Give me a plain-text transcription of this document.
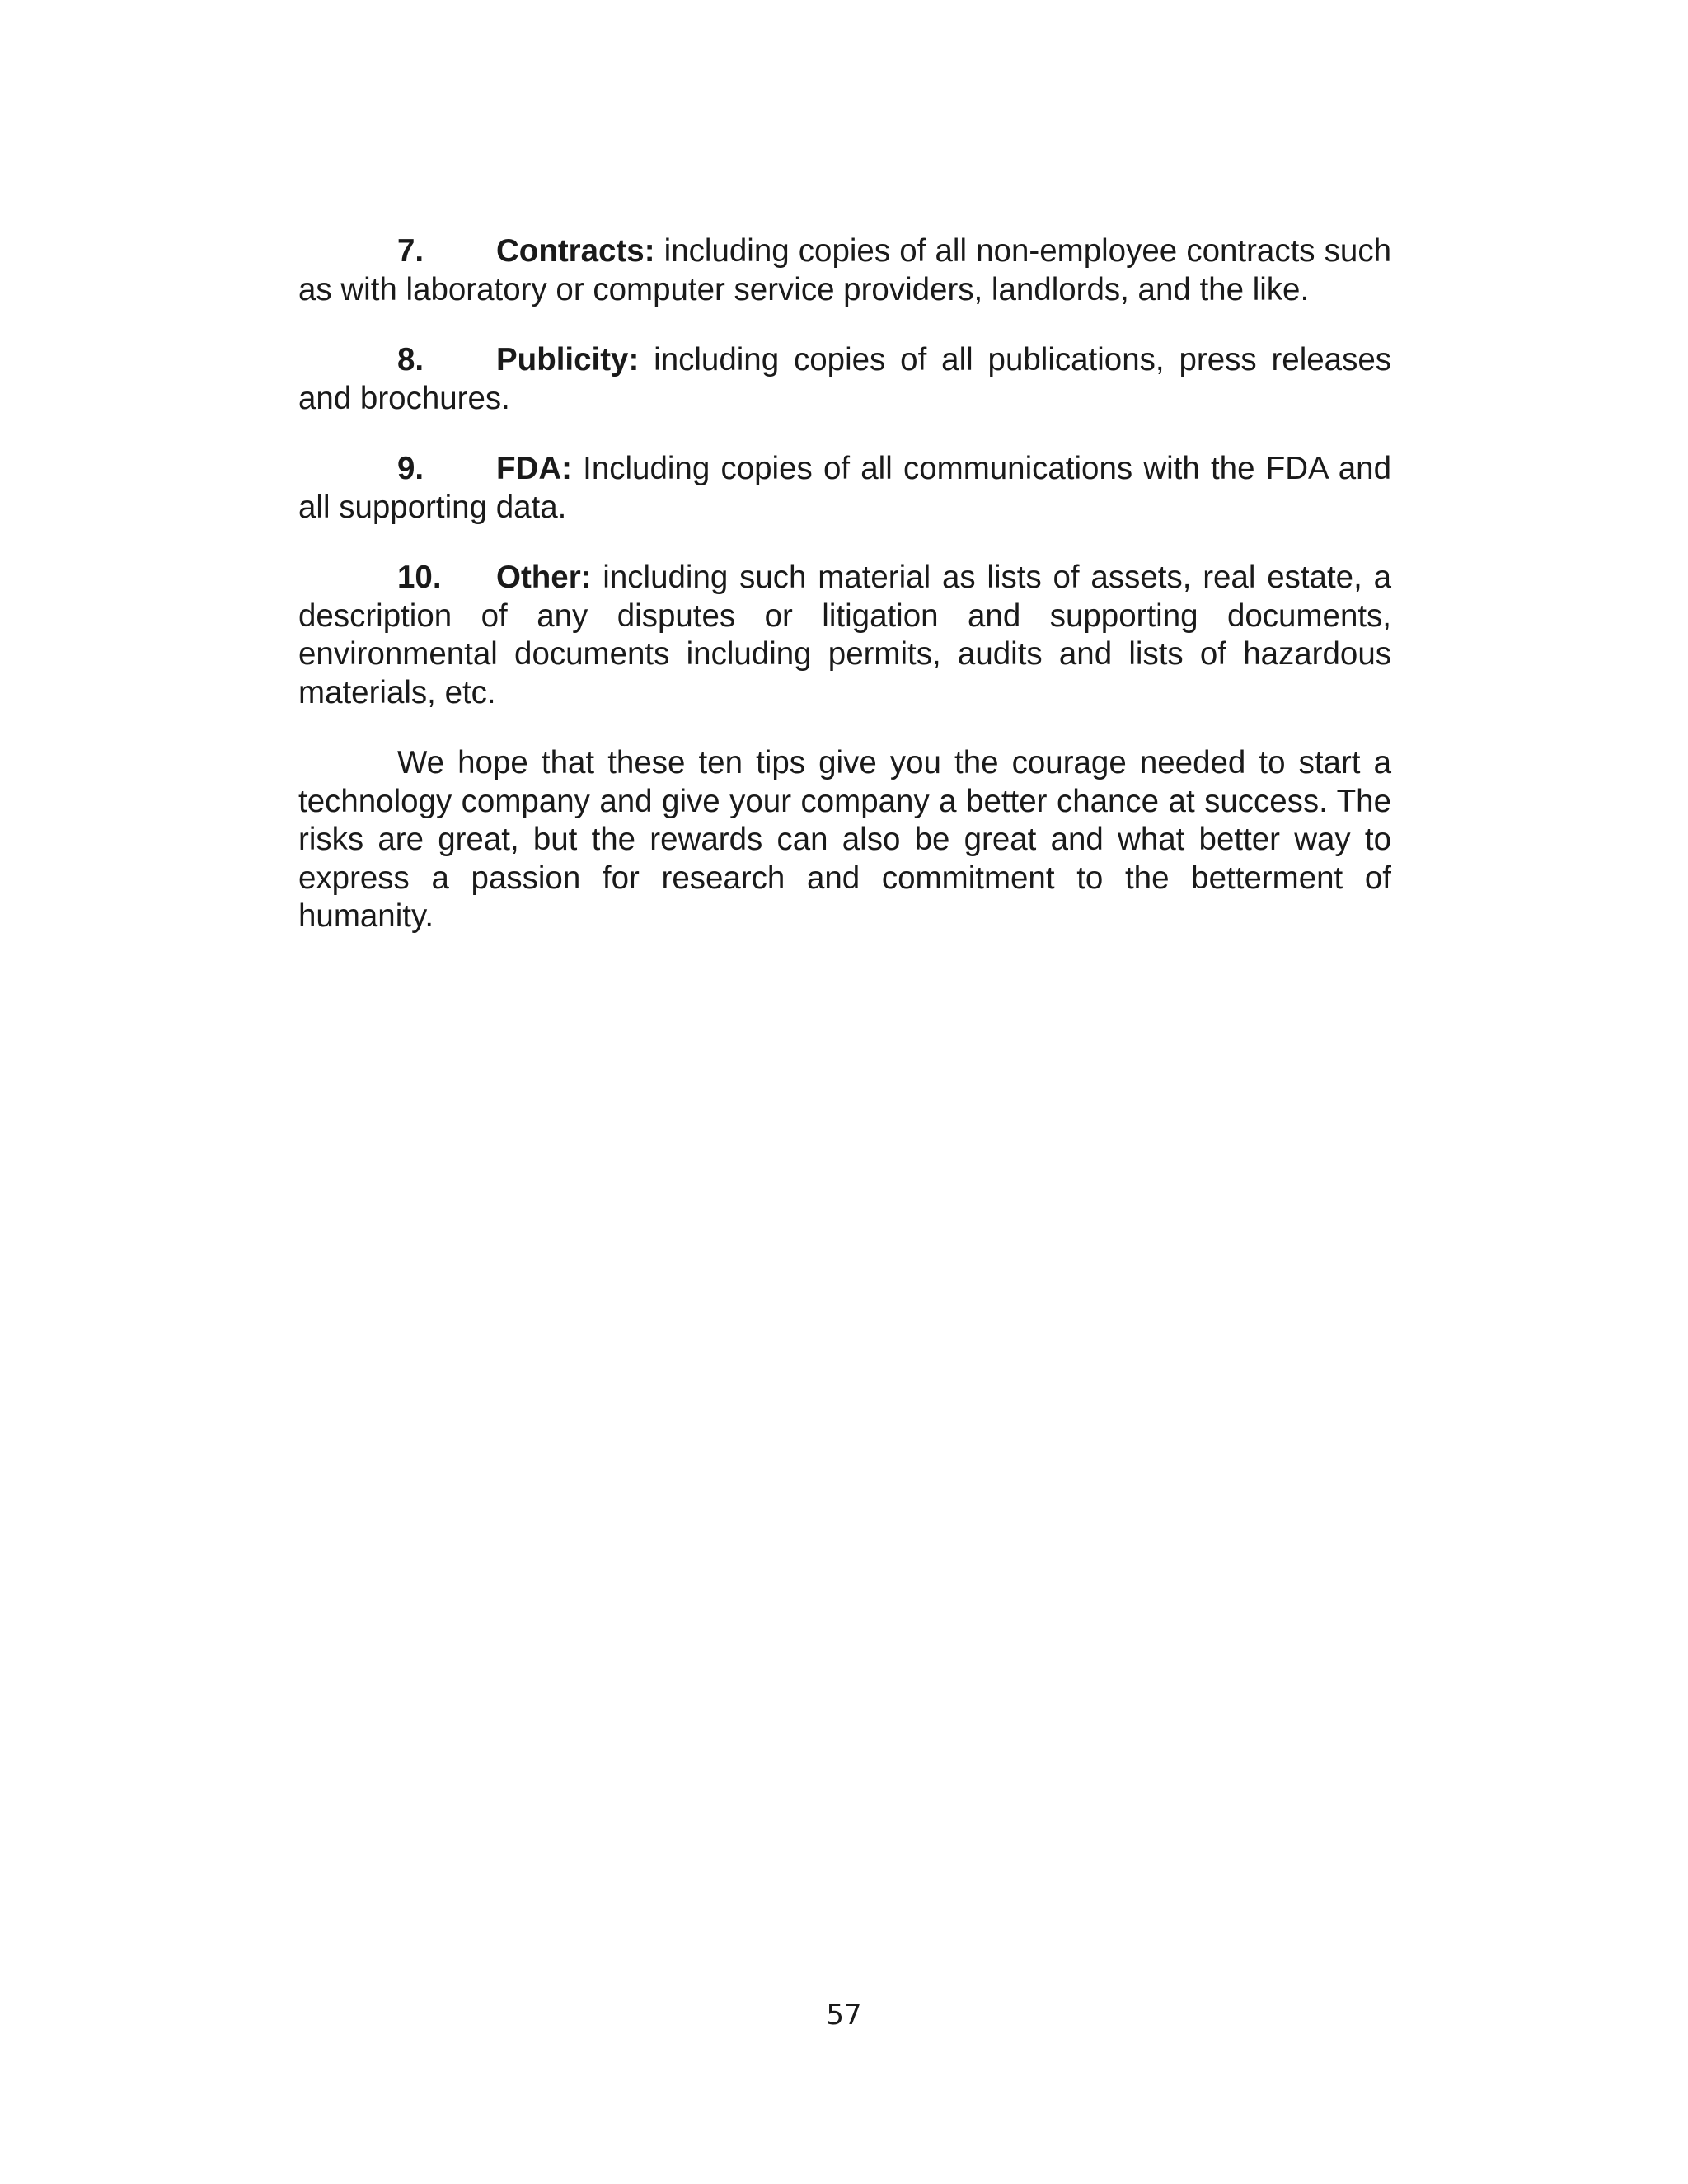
7. Contracts: including copies of all non-employee contracts such as with laboratory or computer service providers, landlords, and the like.

8. Publicity: including copies of all publications, press releases and brochures.

9. FDA: Including copies of all communications with the FDA and all supporting data.

10. Other: including such material as lists of assets, real estate, a description of any disputes or litigation and supporting documents, environmental documents including permits, audits and lists of hazardous materials, etc.

We hope that these ten tips give you the courage needed to start a technology company and give your company a better chance at success. The risks are great, but the rewards can also be great and what better way to express a passion for research and commitment to the betterment of humanity.

57
